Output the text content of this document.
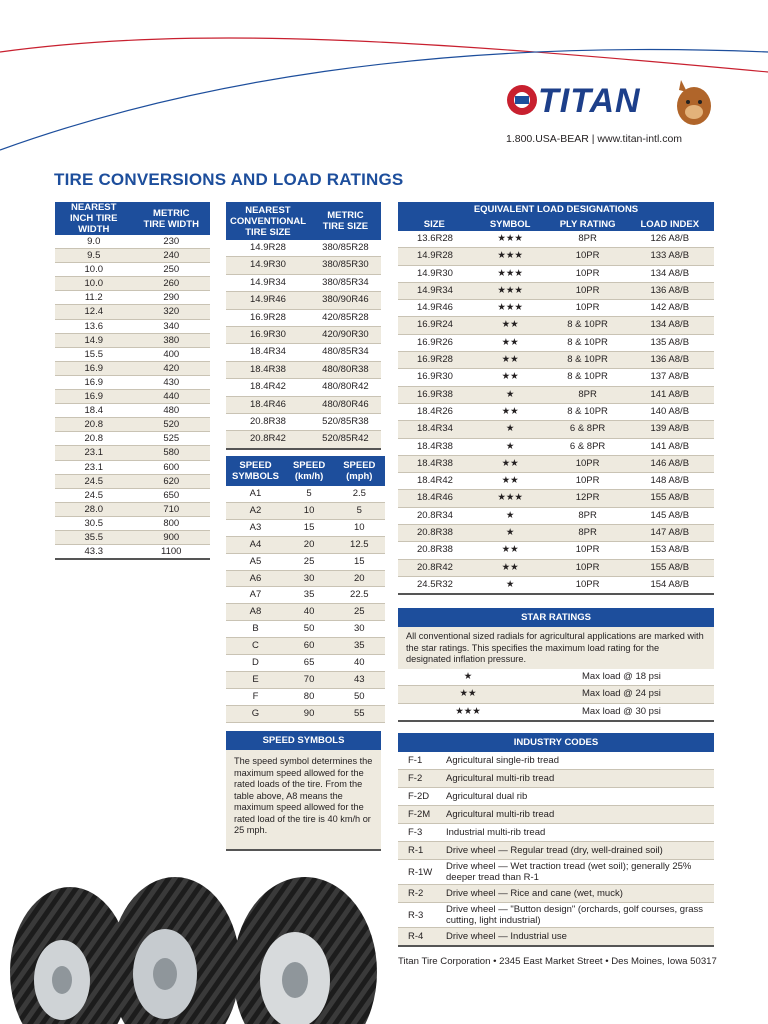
TITAN
1.800.USA-BEAR | www.titan-intl.com
TIRE CONVERSIONS AND LOAD RATINGS
NEAREST INCH TIRE WIDTH	METRIC TIRE WIDTH
9.0	230
9.5	240
10.0	250
10.0	260
11.2	290
12.4	320
13.6	340
14.9	380
15.5	400
16.9	420
16.9	430
16.9	440
18.4	480
20.8	520
20.8	525
23.1	580
23.1	600
24.5	620
24.5	650
28.0	710
30.5	800
35.5	900
43.3	1100
NEAREST CONVENTIONAL TIRE SIZE	METRIC TIRE SIZE
14.9R28	380/85R28
14.9R30	380/85R30
14.9R34	380/85R34
14.9R46	380/90R46
16.9R28	420/85R28
16.9R30	420/90R30
18.4R34	480/85R34
18.4R38	480/80R38
18.4R42	480/80R42
18.4R46	480/80R46
20.8R38	520/85R38
20.8R42	520/85R42
SPEED SYMBOLS	SPEED (km/h)	SPEED (mph)
A1	5	2.5
A2	10	5
A3	15	10
A4	20	12.5
A5	25	15
A6	30	20
A7	35	22.5
A8	40	25
B	50	30
C	60	35
D	65	40
E	70	43
F	80	50
G	90	55
SPEED SYMBOLS
The speed symbol determines the maximum speed allowed for the rated loads of the tire. From the table above, A8 means the maximum speed allowed for the rated load of the tire is 40 km/h or 25 mph.
EQUIVALENT LOAD DESIGNATIONS			
SIZE	SYMBOL	PLY RATING	LOAD INDEX
13.6R28	★★★	8PR	126 A8/B
14.9R28	★★★	10PR	133 A8/B
14.9R30	★★★	10PR	134 A8/B
14.9R34	★★★	10PR	136 A8/B
14.9R46	★★★	10PR	142 A8/B
16.9R24	★★	8 & 10PR	134 A8/B
16.9R26	★★	8 & 10PR	135 A8/B
16.9R28	★★	8 & 10PR	136 A8/B
16.9R30	★★	8 & 10PR	137 A8/B
16.9R38	★	8PR	141 A8/B
18.4R26	★★	8 & 10PR	140 A8/B
18.4R34	★	6 & 8PR	139 A8/B
18.4R38	★	6 & 8PR	141 A8/B
18.4R38	★★	10PR	146 A8/B
18.4R42	★★	10PR	148 A8/B
18.4R46	★★★	12PR	155 A8/B
20.8R34	★	8PR	145 A8/B
20.8R38	★	8PR	147 A8/B
20.8R38	★★	10PR	153 A8/B
20.8R42	★★	10PR	155 A8/B
24.5R32	★	10PR	154 A8/B
STAR RATINGS
All conventional sized radials for agricultural applications are marked with the star ratings. This specifies the maximum load rating for the designated inflation pressure.
★	Max load @ 18 psi
★★	Max load @ 24 psi
★★★	Max load @ 30 psi
INDUSTRY CODES
F-1	Agricultural single-rib tread
F-2	Agricultural multi-rib tread
F-2D	Agricultural dual rib
F-2M	Agricultural multi-rib tread
F-3	Industrial multi-rib tread
R-1	Drive wheel — Regular tread (dry, well-drained soil)
R-1W	Drive wheel — Wet traction tread (wet soil); generally 25% deeper tread than R-1
R-2	Drive wheel — Rice and cane (wet, muck)
R-3	Drive wheel — "Button design" (orchards, golf courses, grass cutting, light industrial)
R-4	Drive wheel — Industrial use
Titan Tire Corporation • 2345 East Market Street • Des Moines, Iowa 50317
